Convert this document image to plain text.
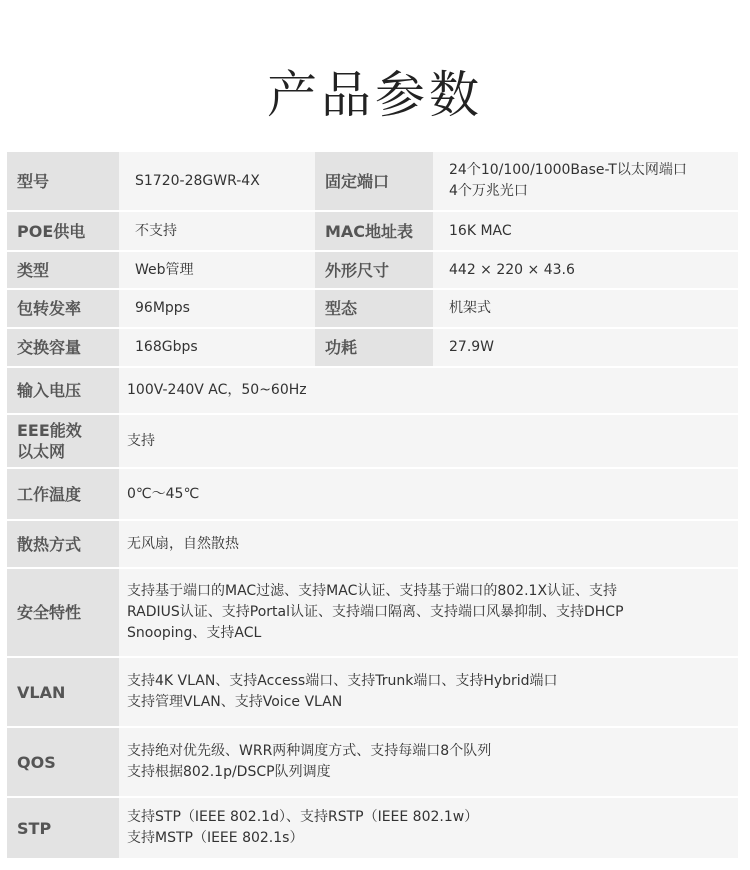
产品参数
型号	S1720-28GWR-4X	固定端口	24个10/100/1000Base-T以太网端口
4个万兆光口

POE供电	不支持	MAC地址表	16K MAC
类型	Web管理	外形尺寸	442 × 220 × 43.6
包转发率	96Mpps	型态	机架式
交换容量	168Gbps	功耗	27.9W

输入电压	100V-240V AC，50~60Hz		

EEE能效
以太网	支持		

工作温度	0℃～45℃		

散热方式	无风扇，自然散热		

安全特性	支持基于端口的MAC过滤、支持MAC认证、支持基于端口的802.1X认证、支持
RADIUS认证、支持Portal认证、支持端口隔离、支持端口风暴抑制、支持DHCP
Snooping、支持ACL		

VLAN	支持4K VLAN、支持Access端口、支持Trunk端口、支持Hybrid端口
支持管理VLAN、支持Voice VLAN		

QOS	支持绝对优先级、WRR两种调度方式、支持每端口8个队列
支持根据802.1p/DSCP队列调度		

STP	支持STP（IEEE 802.1d）、支持RSTP（IEEE 802.1w）
支持MSTP（IEEE 802.1s）		
